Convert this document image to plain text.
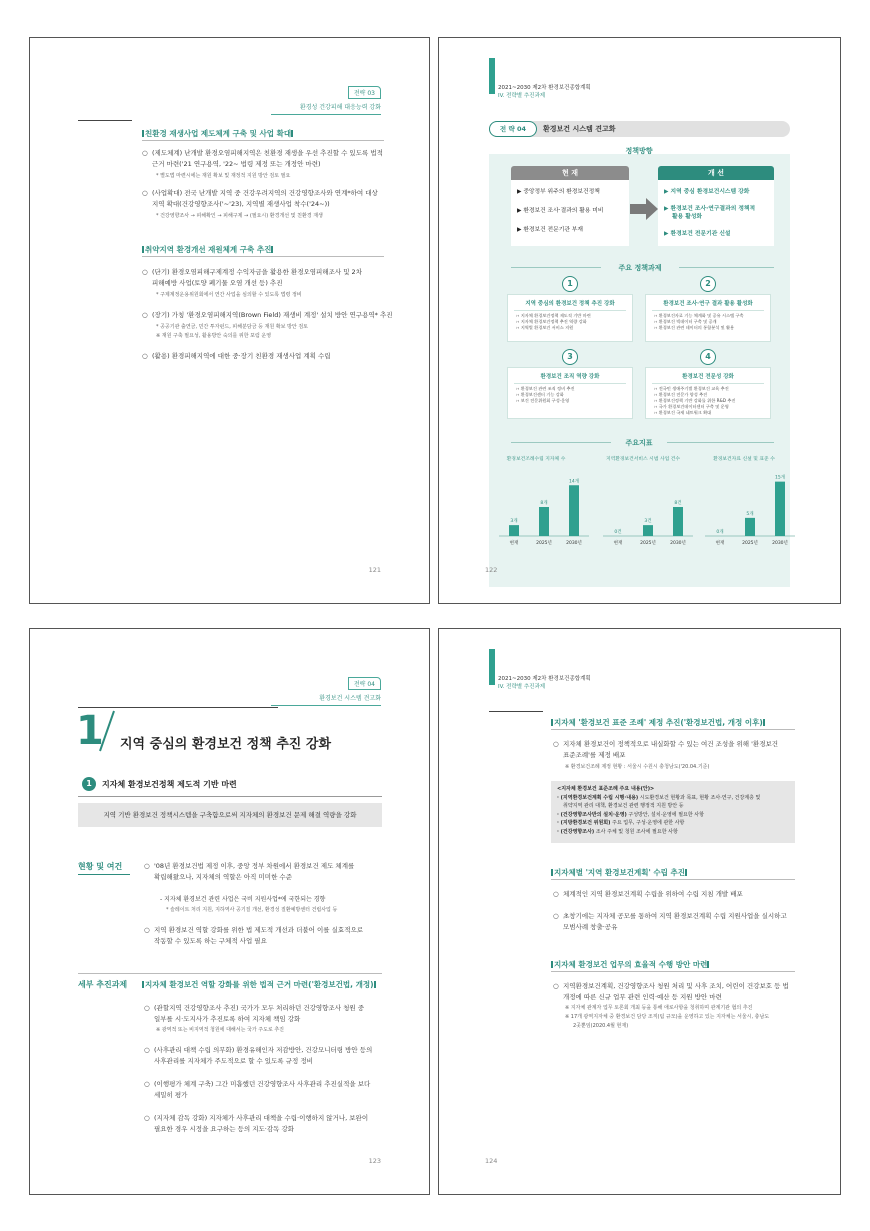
전략 03
환경성 건강피해 대응능력 강화
친환경 재생사업 제도체계 구축 및 사업 확대
○ (제도체계) 난개발 환경오염피해지역은 친환경 재생을 우선 추진할 수 있도록 법적
근거 마련('21 연구용역, '22~ 법령 제정 또는 개정안 마련)
* 별도법 마련시에는 재원 확보 및 재정적 지원 방안 검토 필요
○ (사업확대) 전국 난개발 지역 중 건강우려지역의 건강영향조사와 연계*하여 대상
지역 확대(건강영향조사('~'23), 지역별 재생사업 착수('24~))
* 건강영향조사 → 피해확인 → 피해구제 → (필요시) 환경개선 및 친환경 재생
취약지역 환경개선 재원체계 구축 추진
○ (단기) 환경오염피해구제계정 수익자금을 활용한 환경오염피해조사 및 2차
피해예방 사업(토양 폐기물 오염 개선 등) 추진
* 구제계정운용위원회에서 연간 사업을 심의할 수 있도록 법령 정비
○ (장기) 가칭 '환경오염피해지역(Brown Field) 재생비 계정' 설치 방안 연구용역* 추진
* 공공기관 출연금, 민간 투자펀드, 피해분담금 등 재원 확보 방안 검토
※ 재원 구축 필요성, 활용방안 숙의를 위한 포럼 운영
○ (활용) 환경피해지역에 대한 중·장기 친환경 재생사업 계획 수립
121
2021~2030 제2차 환경보건종합계획
IV. 전략별 추진과제
전 략 04	환경보건 시스템 견고화
정책방향
현 재
▶ 중앙정부 위주의 환경보건정책
▶ 환경보건 조사·결과의 활용 미비
▶ 환경보건 전문기관 부재
개 선
▶ 지역 중심 환경보건시스템 강화
▶ 환경보건 조사·연구결과의 정책적
활용 활성화
▶ 환경보건 전문기관 신설
주요 정책과제
1
지역 중심의 환경보건 정책 추진 강화
›› 지자체 환경보건정책 제도적 기반 마련
›› 지자체 환경보건정책 추진 역량 강화
›› 지역별 환경보건 서비스 지원
2
환경보건 조사·연구 결과 활용 활성화
›› 환경보건자료 기능 체계화 및 공유 시스템 구축
›› 환경보건 빅데이터 구축 및 공개
›› 환경보건 관련 데이터의 통합분석 및 활용
3
환경보건 조직 역량 강화
›› 환경보건 관련 조직 정비 추진
›› 환경보건센터 기능 강화
›› 보건 전문위원회 구성·운영
4
환경보건 전문성 강화
›› 전국민 생애주기별 환경보건 교육 추진
›› 환경보건 전문가 양성 추진
›› 환경보건정책 기반 강화를 위한 R&D 추진
›› 국가 환경보건데이터센터 구축 및 운영
›› 환경보건 국제 네트워크 확대
주요지표
환경보건조례수립 지자체 수	지역환경보건서비스 시범 사업 건수	환경보건자료 신설 및 표준 수
3개
현재
8개
2025년
14개
2030년
0건
현재
3건
2025년
8건
2030년
0개
현재
5개
2025년
15개
2030년
122
전략 04
환경보건 시스템 견고화
1 지역 중심의 환경보건 정책 추진 강화
1	지자체 환경보건정책 제도적 기반 마련
지역 기반 환경보건 정책시스템을 구축함으로써 지자체의 환경보건 문제 해결 역량을 강화
현황 및 여건	○ '08년 환경보건법 제정 이후, 중앙 정부 차원에서 환경보건 제도 체계를
확립해왔으나, 지자체의 역할은 아직 미미한 수준
- 지자체 환경보건 관련 사업은 국비 지원사업*에 국한되는 경향
* 슬레이트 처리 지원, 지하역사 공기질 개선, 환경성 질환예방센터 건립사업 등
○ 지역 환경보건 역할 강화를 위한 법 제도적 개선과 더불어 이를 실효적으로
작동할 수 있도록 하는 구체적 사업 필요
세부 추진과제	지자체 환경보건 역할 강화를 위한 법적 근거 마련('환경보건법, 개정)
○ (관할지역 건강영향조사 추진) 국가가 모두 처리하던 건강영향조사 청원 중
일부를 시·도지사가 추진토록 하여 지자체 책임 강화
※ 광역적 또는 비지역적 청원에 대해서는 국가 주도로 추진
○ (사후관리 대책 수립 의무화) 환경유해인자 저감방안, 건강모니터링 방안 등의
사후관리를 지자체가 주도적으로 할 수 있도록 규정 정비
○ (이행평가 체계 구축) 그간 미흡했던 건강영향조사 사후관리 추진실적을 보다
세밀히 평가
○ (지자체 감독 강화) 지자체가 사후관리 대책을 수립·이행하지 않거나, 보완이
필요한 경우 시정을 요구하는 등의 지도·감독 강화
123
2021~2030 제2차 환경보건종합계획
IV. 전략별 추진과제
지자체 '환경보건 표준 조례' 제정 추진('환경보건법, 개정 이후)
○ 지자체 환경보건이 정책적으로 내실화할 수 있는 여건 조성을 위해 '환경보건
표준조례'를 제정 배포
※ 환경보건조례 제정 현황 : 서울시 수원시 충청남도('20.04.기준)
<지자체 환경보건 표준조례 주요 내용(안)>
· (지역환경보건계획 수립 시행·내용) 시도환경보건 현황과 목표, 현황 조사·연구, 건강계층 및
취약지역 관리 대책, 환경보건 관련 행정적 지원 방안 등
· (건강영향조사반의 설치·운영) 구성방안, 설치·운영에 필요한 사항
· (지방환경보건 위원회) 주요 업무, 구성·운영에 관한 사항
· (건강영향조사) 조사 주체 및 청원 조사에 필요한 사항
지자체별 '지역 환경보건계획' 수립 추진
○ 체계적인 지역 환경보건계획 수립을 위하여 수립 지침 개발 배포
○ 초창기에는 지자체 공모를 통하여 지역 환경보건계획 수립 지원사업을 실시하고
모범사례 창출·공유
지자체 환경보건 업무의 효율적 수행 방안 마련
○ 지역환경보건계획, 건강영향조사 청원 처리 및 사후 조치, 어린이 건강보호 등 법
개정에 따른 신규 업무 관련 인력·예산 등 지원 방안 마련
※ 지자체 관계자 업무 토론회 개최 등을 통해 애로사항을 청취하며 관계기관 협의 추진
※ 17개 광역지자체 중 환경보건 담당 조직(팀 규모)을 운영하고 있는 지자체는 서울시, 충남도
2곳뿐임(2020.4월 현재)
124
